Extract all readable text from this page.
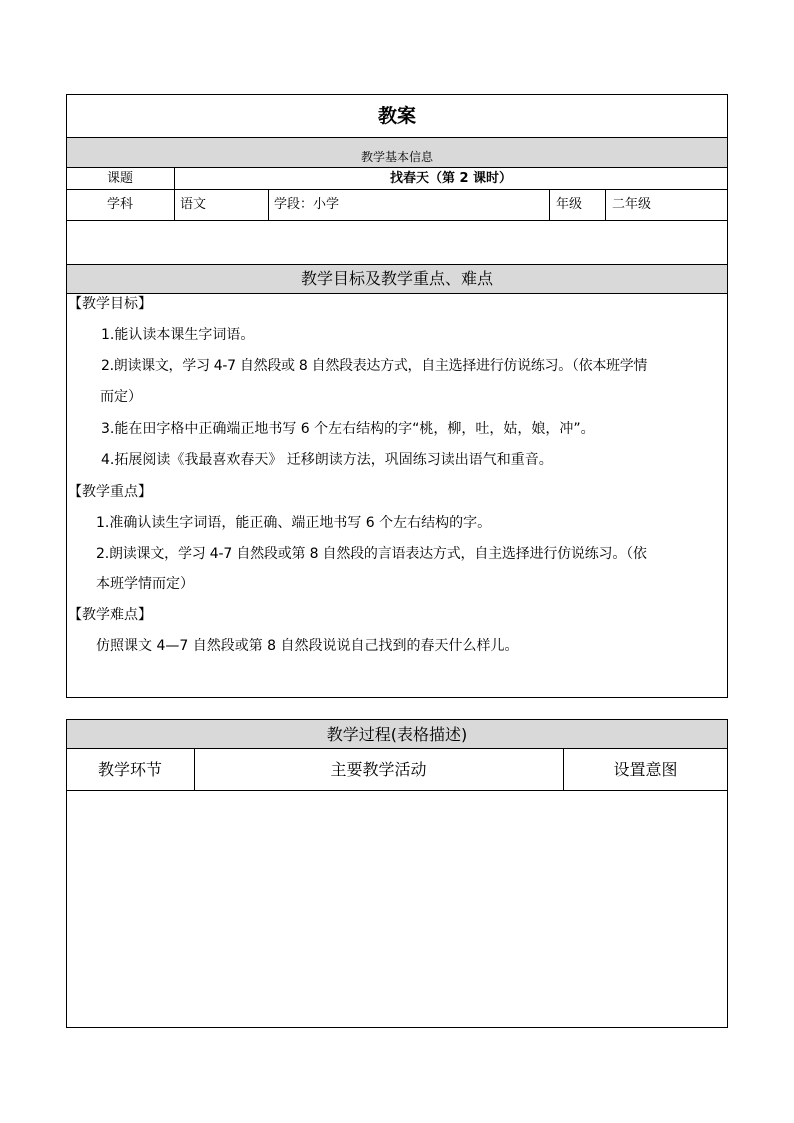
教案
教学基本信息
课题	找春天（第 2 课时）
学科	语文	学段：小学	年级 二年级
教学目标及教学重点、难点
【教学目标】
1.能认读本课生字词语。
2.朗读课文，学习 4-7 自然段或 8 自然段表达方式，自主选择进行仿说练习。（依本班学情
而定）
3.能在田字格中正确端正地书写 6 个左右结构的字“桃，柳，吐，姑，娘，冲”。
4.拓展阅读《我最喜欢春天》 迁移朗读方法，巩固练习读出语气和重音。
【教学重点】
1.准确认读生字词语，能正确、端正地书写 6 个左右结构的字。
2.朗读课文，学习 4-7 自然段或第 8 自然段的言语表达方式，自主选择进行仿说练习。（依
本班学情而定）
【教学难点】
仿照课文 4—7 自然段或第 8 自然段说说自己找到的春天什么样儿。
教学过程(表格描述)
教学环节	主要教学活动	设置意图
